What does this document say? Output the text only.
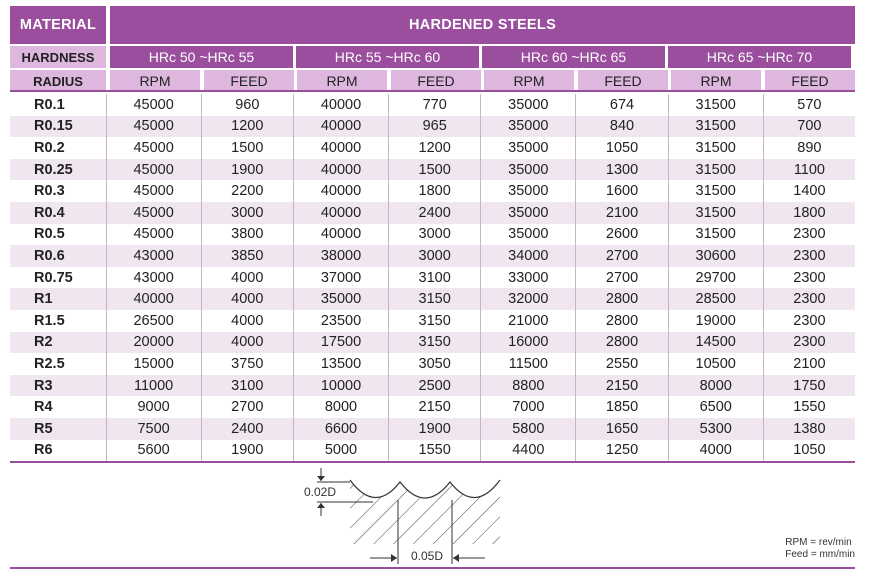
MATERIAL	HARDENED STEELS
HARDNESS	HRc 50 ~HRc 55	HRc 55 ~HRc 60	HRc 60 ~HRc 65	HRc 65 ~HRc 70
RADIUS	RPM	FEED	RPM	FEED	RPM	FEED	RPM	FEED
R0.1	45000	960	40000	770	35000	674	31500	570
R0.15	45000	1200	40000	965	35000	840	31500	700
R0.2	45000	1500	40000	1200	35000	1050	31500	890
R0.25	45000	1900	40000	1500	35000	1300	31500	1100
R0.3	45000	2200	40000	1800	35000	1600	31500	1400
R0.4	45000	3000	40000	2400	35000	2100	31500	1800
R0.5	45000	3800	40000	3000	35000	2600	31500	2300
R0.6	43000	3850	38000	3000	34000	2700	30600	2300
R0.75	43000	4000	37000	3100	33000	2700	29700	2300
R1	40000	4000	35000	3150	32000	2800	28500	2300
R1.5	26500	4000	23500	3150	21000	2800	19000	2300
R2	20000	4000	17500	3150	16000	2800	14500	2300
R2.5	15000	3750	13500	3050	11500	2550	10500	2100
R3	11000	3100	10000	2500	8800	2150	8000	1750
R4	9000	2700	8000	2150	7000	1850	6500	1550
R5	7500	2400	6600	1900	5800	1650	5300	1380
R6	5600	1900	5000	1550	4400	1250	4000	1050
0.02D
0.05D
RPM = rev/min
Feed = mm/min
